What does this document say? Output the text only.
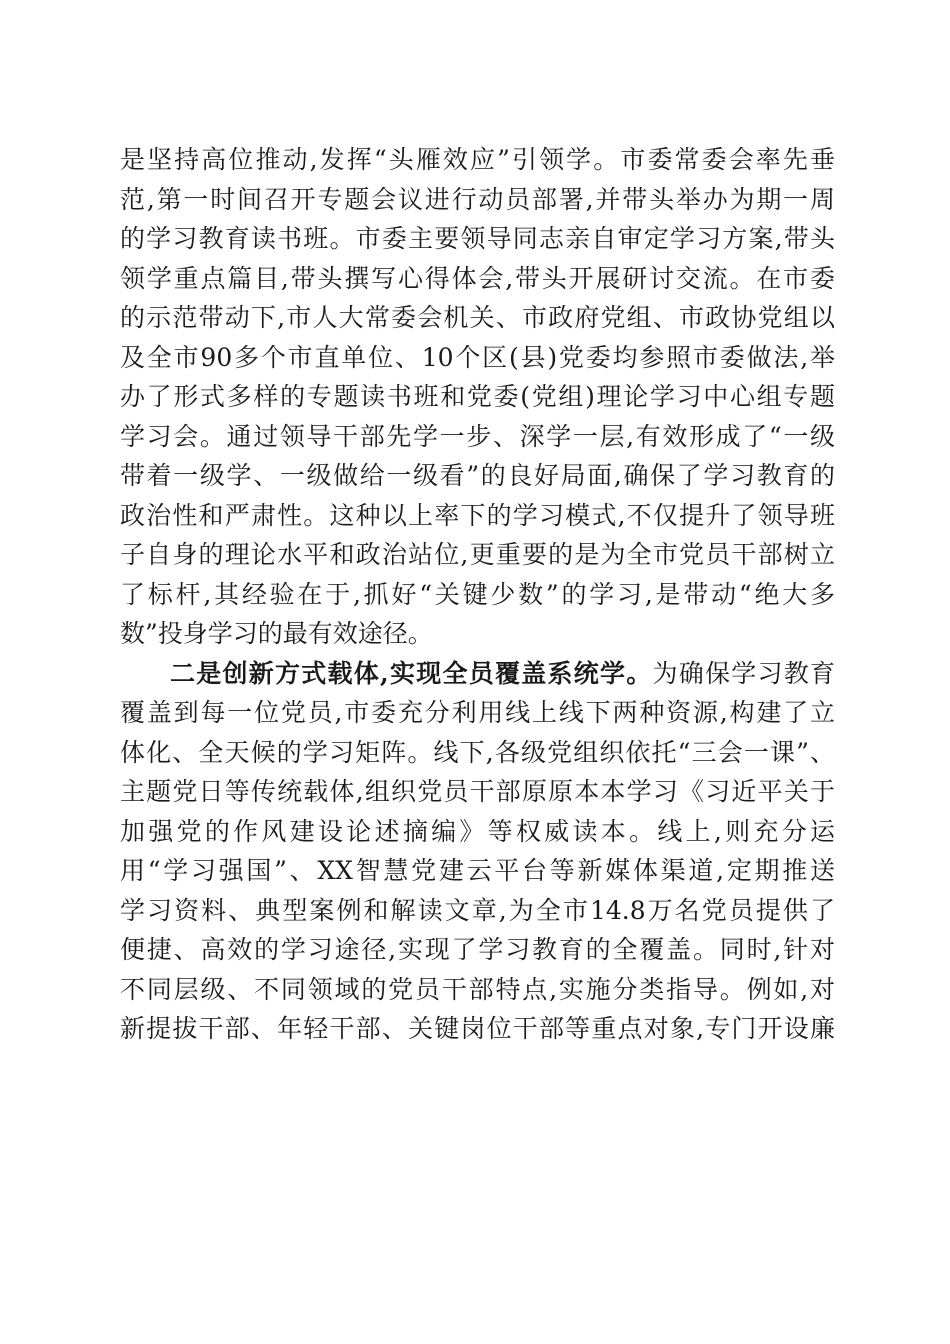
是坚持高位推动,发挥“头雁效应”引领学。市委常委会率先垂
范,第一时间召开专题会议进行动员部署,并带头举办为期一周
的学习教育读书班。市委主要领导同志亲自审定学习方案,带头
领学重点篇目,带头撰写心得体会,带头开展研讨交流。在市委
的示范带动下,市人大常委会机关、市政府党组、市政协党组以
及全市90多个市直单位、10个区(县)党委均参照市委做法,举
办了形式多样的专题读书班和党委(党组)理论学习中心组专题
学习会。通过领导干部先学一步、深学一层,有效形成了“一级
带着一级学、一级做给一级看”的良好局面,确保了学习教育的
政治性和严肃性。这种以上率下的学习模式,不仅提升了领导班
子自身的理论水平和政治站位,更重要的是为全市党员干部树立
了标杆,其经验在于,抓好“关键少数”的学习,是带动“绝大多
数”投身学习的最有效途径。
二是创新方式载体,实现全员覆盖系统学。为确保学习教育
覆盖到每一位党员,市委充分利用线上线下两种资源,构建了立
体化、全天候的学习矩阵。线下,各级党组织依托“三会一课”、
主题党日等传统载体,组织党员干部原原本本学习《习近平关于
加强党的作风建设论述摘编》等权威读本。线上,则充分运
用“学习强国”、XX智慧党建云平台等新媒体渠道,定期推送
学习资料、典型案例和解读文章,为全市14.8万名党员提供了
便捷、高效的学习途径,实现了学习教育的全覆盖。同时,针对
不同层级、不同领域的党员干部特点,实施分类指导。例如,对
新提拔干部、年轻干部、关键岗位干部等重点对象,专门开设廉
